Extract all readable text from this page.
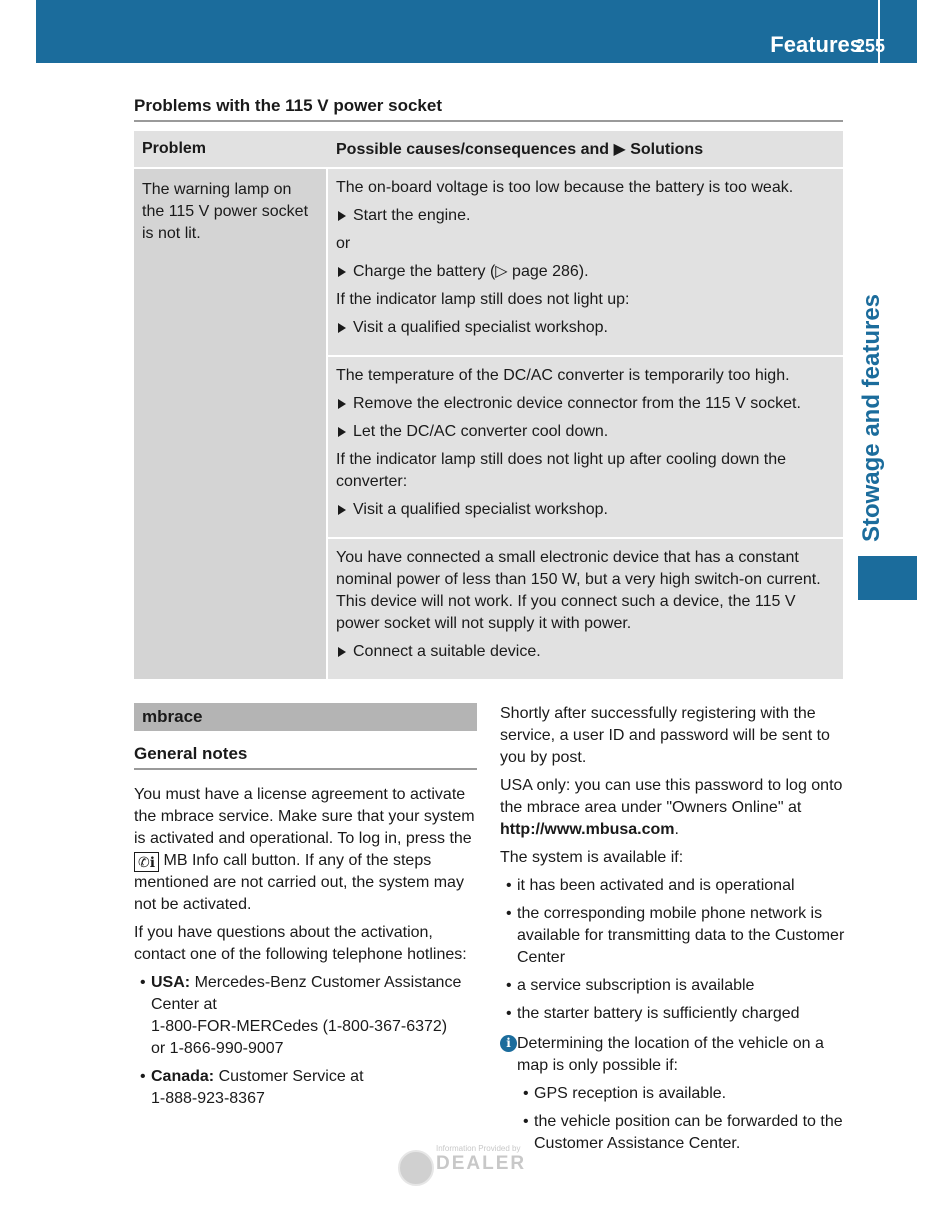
Features
255
Stowage and features
Problems with the 115 V power socket
Problem	Possible causes/consequences and ▶ Solutions
The warning lamp on the 115 V power socket is not lit.

The on-board voltage is too low because the battery is too weak.

Start the engine.

or

Charge the battery (▷ page 286).

If the indicator lamp still does not light up:

Visit a qualified specialist workshop.

The temperature of the DC/AC converter is temporarily too high.

Remove the electronic device connector from the 115 V socket.

Let the DC/AC converter cool down.

If the indicator lamp still does not light up after cooling down the converter:

Visit a qualified specialist workshop.

You have connected a small electronic device that has a constant nominal power of less than 150 W, but a very high switch-on current. This device will not work. If you connect such a device, the 115 V power socket will not supply it with power.

Connect a suitable device.

mbrace
General notes

You must have a license agreement to activate the mbrace service. Make sure that your system is activated and operational. To log in, press the ✆ℹ MB Info call button. If any of the steps mentioned are not carried out, the system may not be activated.

If you have questions about the activation, contact one of the following telephone hotlines:

• USA: Mercedes-Benz Customer Assistance Center at
1-800-FOR-MERCedes (1-800-367-6372)
or 1-866-990-9007
• Canada: Customer Service at
1-888-923-8367

Shortly after successfully registering with the service, a user ID and password will be sent to you by post.

USA only: you can use this password to log onto the mbrace area under "Owners Online" at http://www.mbusa.com.

The system is available if:

• it has been activated and is operational
• the corresponding mobile phone network is available for transmitting data to the Customer Center
• a service subscription is available
• the starter battery is sufficiently charged
i Determining the location of the vehicle on a map is only possible if:
• GPS reception is available.
• the vehicle position can be forwarded to the Customer Assistance Center.
Information Provided by
DEALER
